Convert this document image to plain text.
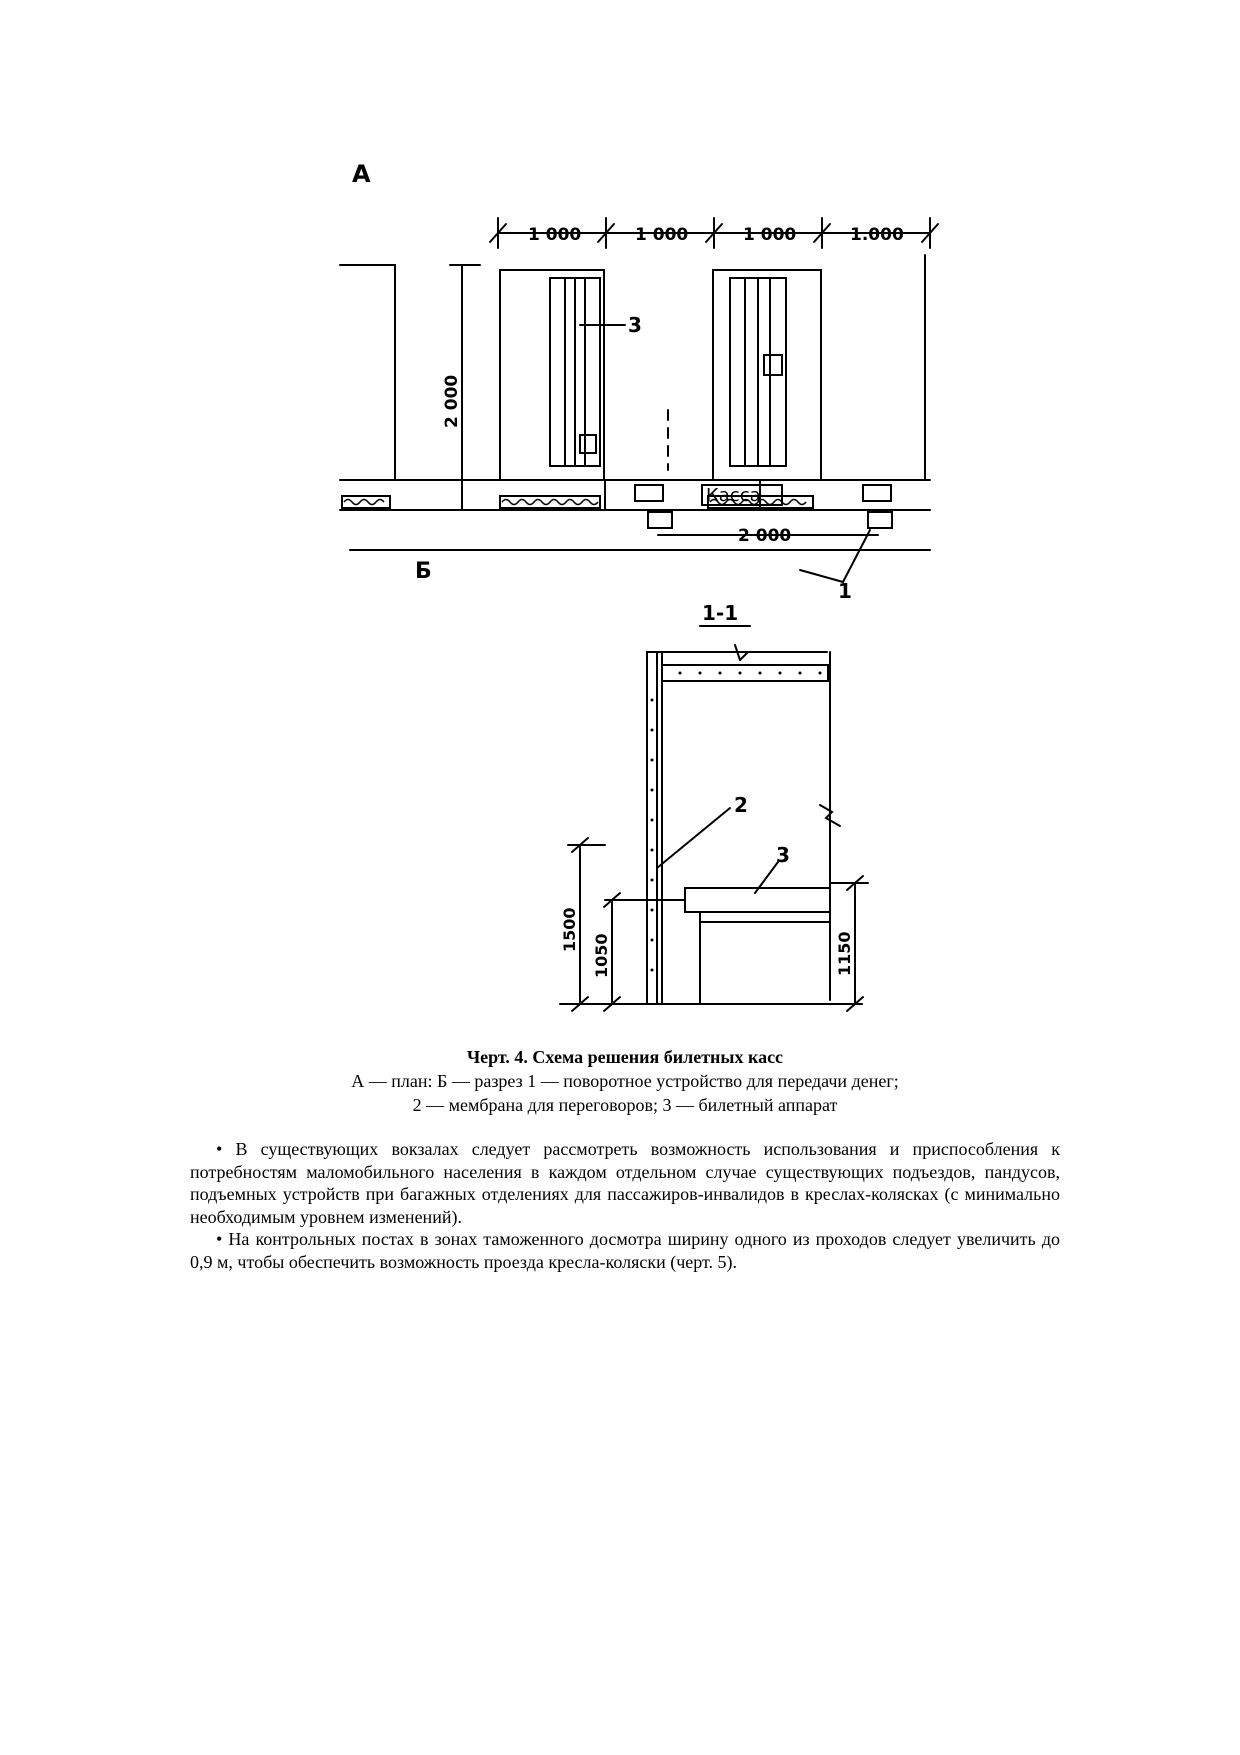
А
1 000	1 000	1 000	1.000
2 000
3
Касса
2 000
1
Б
1-1
2
3
1500
1050	1150
Черт. 4. Схема решения билетных касс
А — план: Б — разрез 1 — поворотное устройство для передачи денег;
2 — мембрана для переговоров; 3 — билетный аппарат

• В существующих вокзалах следует рассмотреть возможность использования и приспособления к потребностям маломобильного населения в каждом отдельном случае существующих подъездов, пандусов, подъемных устройств при багажных отделениях для пассажиров-инвалидов в креслах-колясках (с минимально необходимым уровнем изменений).

• На контрольных постах в зонах таможенного досмотра ширину одного из проходов следует увеличить до 0,9 м, чтобы обеспечить возможность проезда кресла-коляски (черт. 5).
